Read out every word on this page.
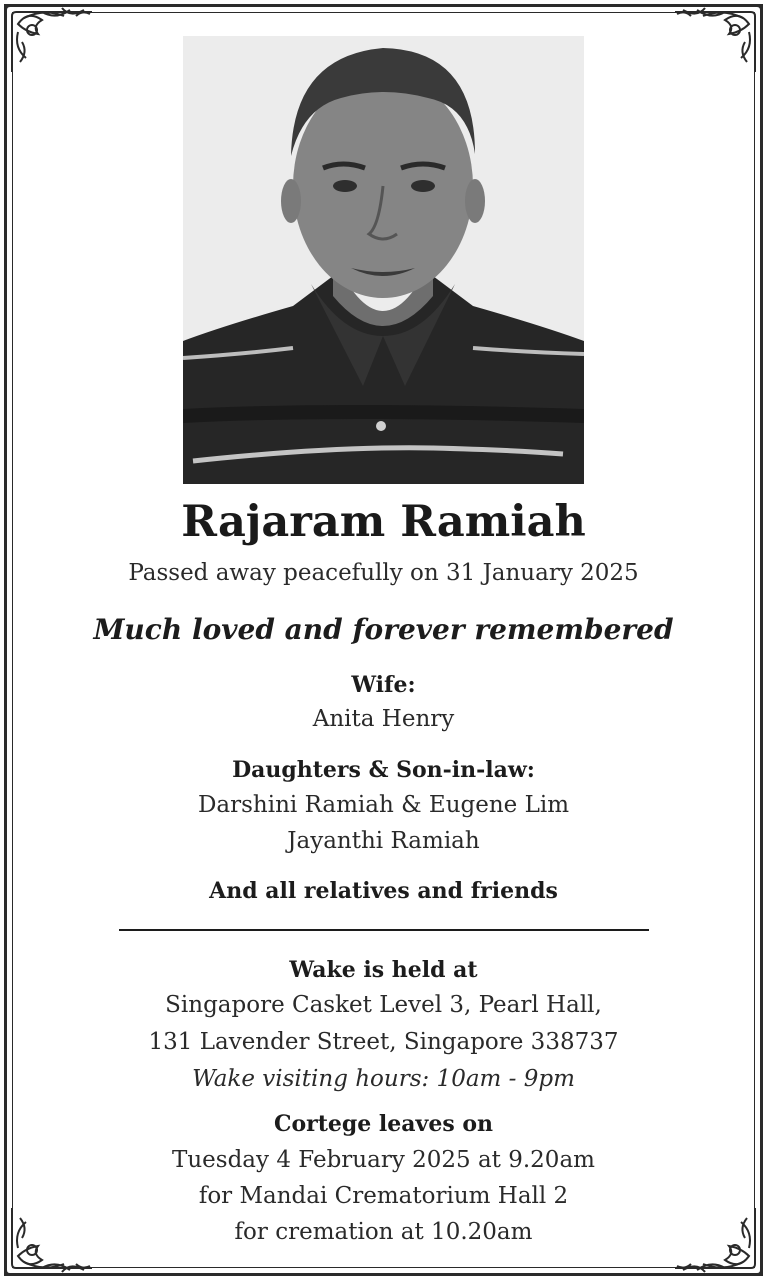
Rajaram Ramiah
Passed away peacefully on 31 January 2025
Much loved and forever remembered
Wife:
Anita Henry
Daughters & Son-in-law:
Darshini Ramiah & Eugene Lim
Jayanthi Ramiah
And all relatives and friends
Wake is held at
Singapore Casket Level 3, Pearl Hall,
131 Lavender Street, Singapore 338737
Wake visiting hours: 10am - 9pm
Cortege leaves on
Tuesday 4 February 2025 at 9.20am
for Mandai Crematorium Hall 2
for cremation at 10.20am
